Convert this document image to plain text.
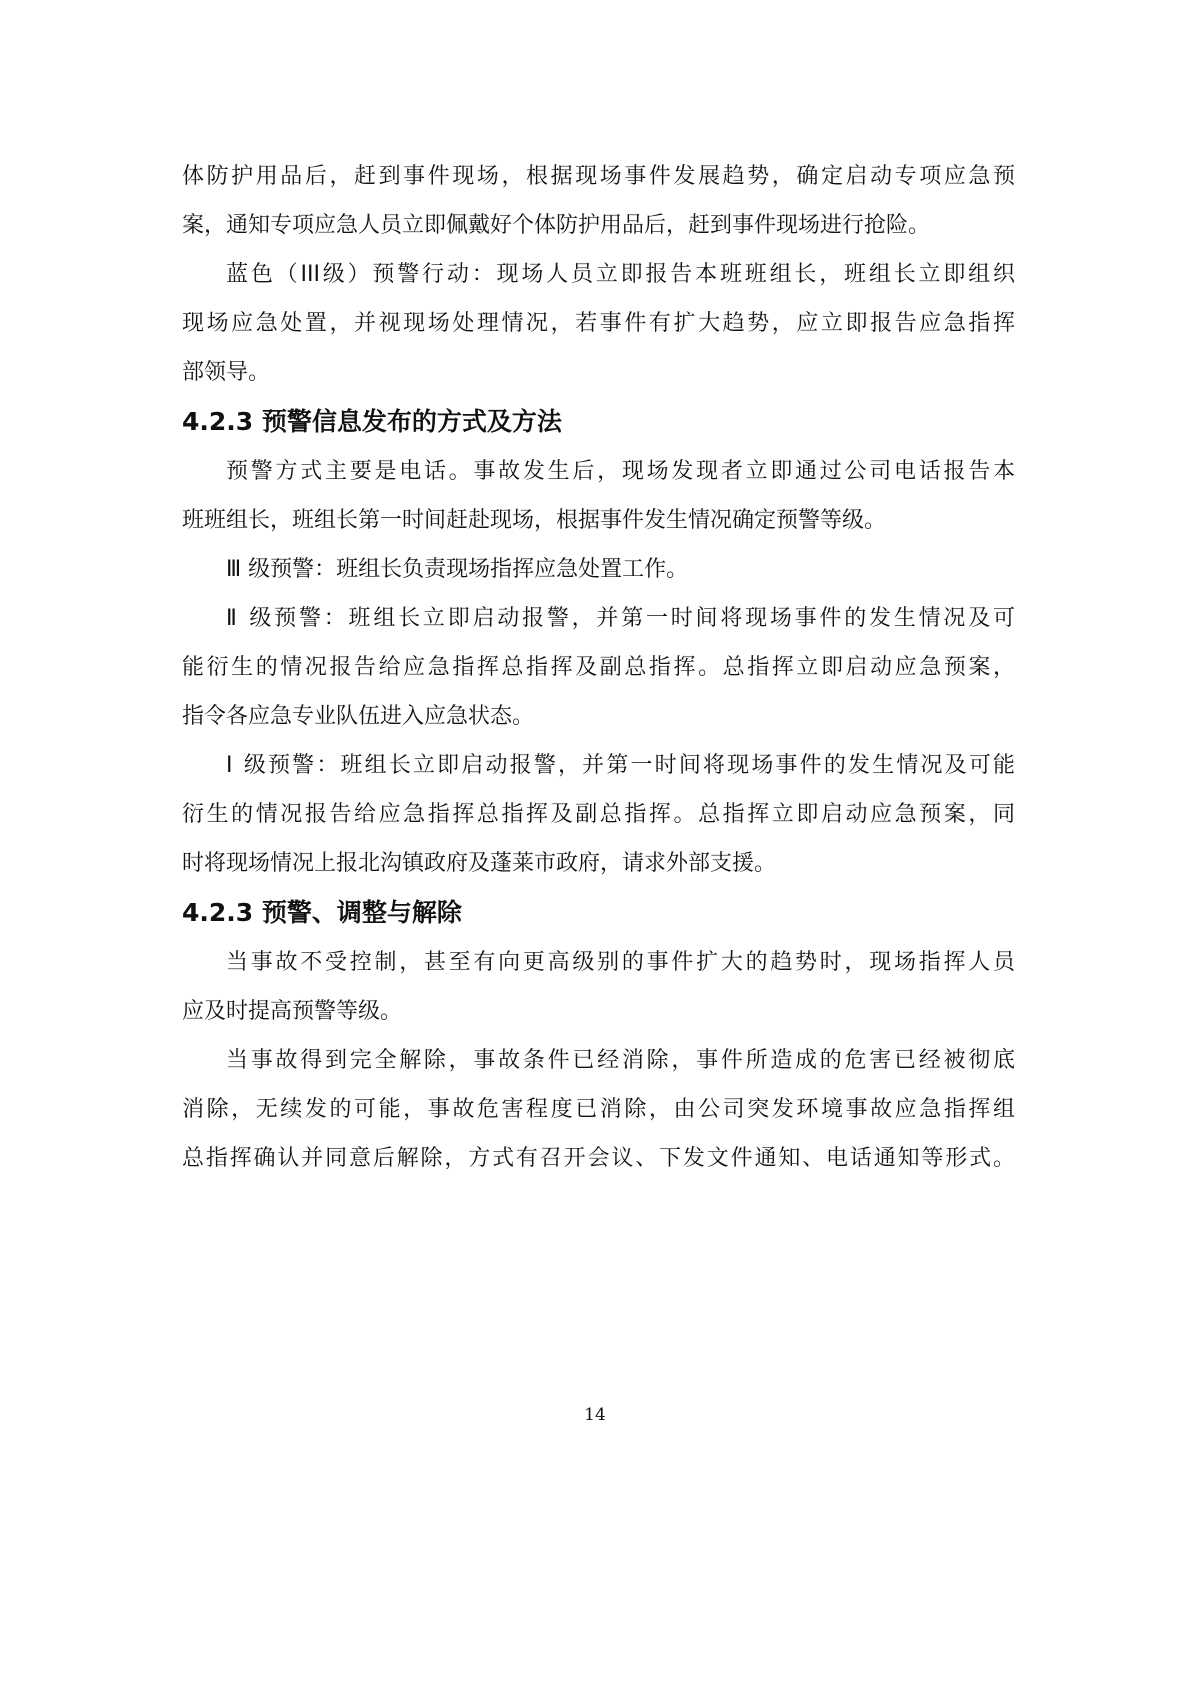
体防护用品后，赶到事件现场，根据现场事件发展趋势，确定启动专项应急预
案，通知专项应急人员立即佩戴好个体防护用品后，赶到事件现场进行抢险。
蓝色（III级）预警行动：现场人员立即报告本班班组长，班组长立即组织
现场应急处置，并视现场处理情况，若事件有扩大趋势，应立即报告应急指挥
部领导。
4.2.3 预警信息发布的方式及方法
预警方式主要是电话。事故发生后，现场发现者立即通过公司电话报告本
班班组长，班组长第一时间赶赴现场，根据事件发生情况确定预警等级。
Ⅲ 级预警：班组长负责现场指挥应急处置工作。
Ⅱ 级预警：班组长立即启动报警，并第一时间将现场事件的发生情况及可
能衍生的情况报告给应急指挥总指挥及副总指挥。总指挥立即启动应急预案，
指令各应急专业队伍进入应急状态。
Ⅰ 级预警：班组长立即启动报警，并第一时间将现场事件的发生情况及可能
衍生的情况报告给应急指挥总指挥及副总指挥。总指挥立即启动应急预案，同
时将现场情况上报北沟镇政府及蓬莱市政府，请求外部支援。
4.2.3 预警、调整与解除
当事故不受控制，甚至有向更高级别的事件扩大的趋势时，现场指挥人员
应及时提高预警等级。
当事故得到完全解除，事故条件已经消除，事件所造成的危害已经被彻底
消除，无续发的可能，事故危害程度已消除，由公司突发环境事故应急指挥组
总指挥确认并同意后解除，方式有召开会议、下发文件通知、电话通知等形式。
14
